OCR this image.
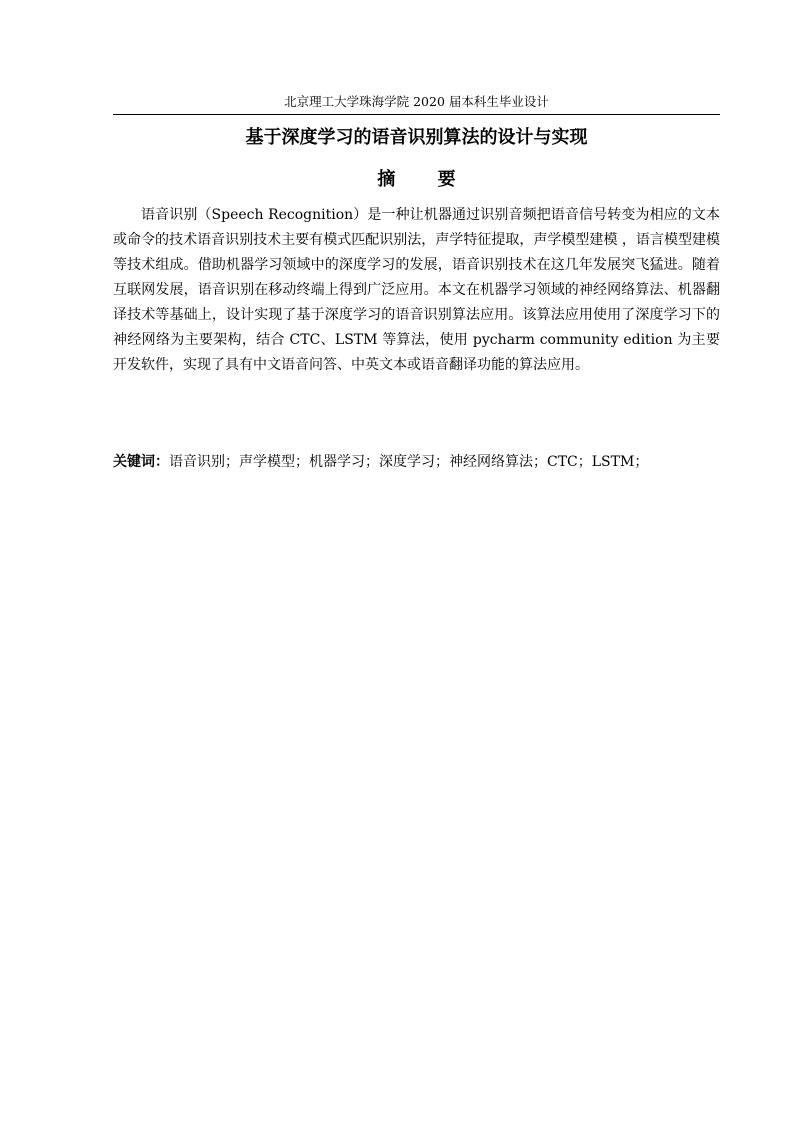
北京理工大学珠海学院 2020 届本科生毕业设计
基于深度学习的语音识别算法的设计与实现
摘 要

语音识别（Speech Recognition）是一种让机器通过识别音频把语音信号转变为相应的文本或命令的技术语音识别技术主要有模式匹配识别法，声学特征提取，声学模型建模 ，语言模型建模等技术组成。借助机器学习领域中的深度学习的发展，语音识别技术在这几年发展突飞猛进。随着互联网发展，语音识别在移动终端上得到广泛应用。本文在机器学习领域的神经网络算法、机器翻译技术等基础上，设计实现了基于深度学习的语音识别算法应用。该算法应用使用了深度学习下的神经网络为主要架构，结合 CTC、LSTM 等算法，使用 pycharm community edition 为主要开发软件，实现了具有中文语音问答、中英文本或语音翻译功能的算法应用。

关键词：语音识别；声学模型；机器学习；深度学习；神经网络算法；CTC；LSTM；
